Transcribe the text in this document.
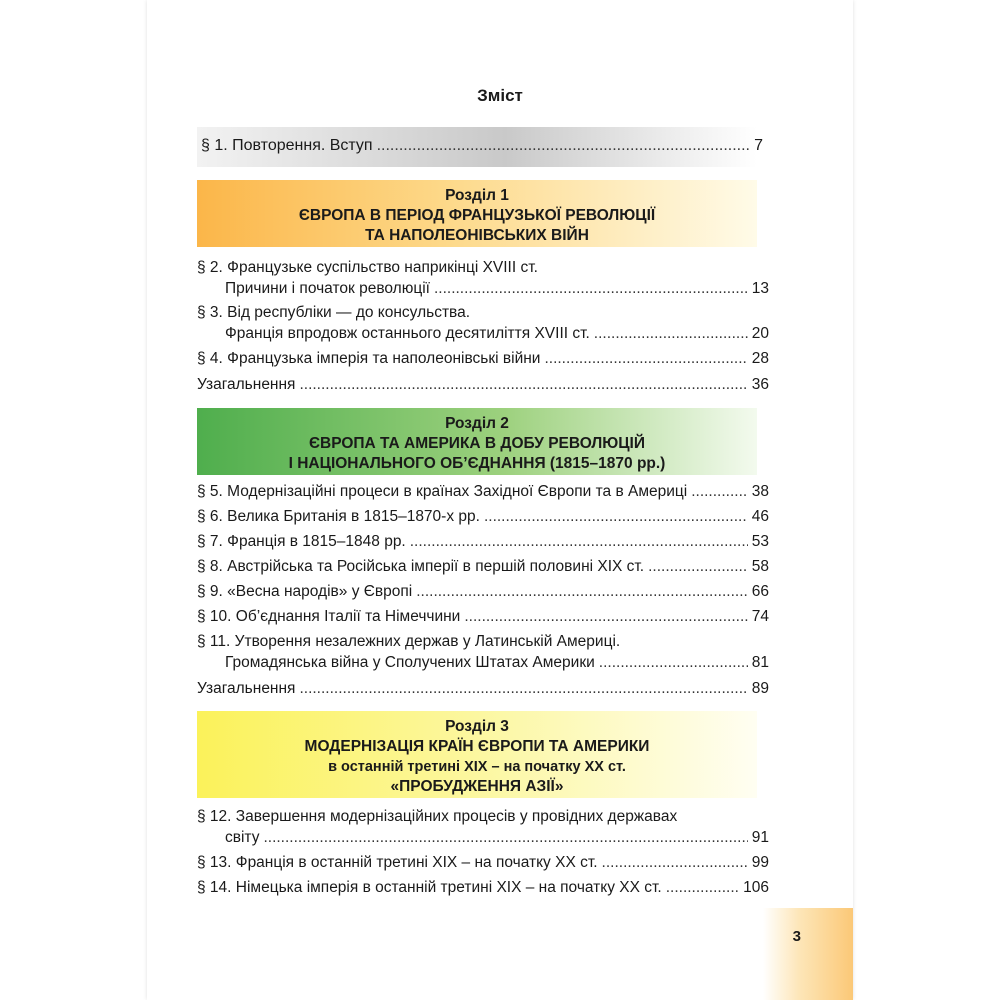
Зміст
§ 1. Повторення. Вступ .....	7
Розділ 1
ЄВРОПА В ПЕРІОД ФРАНЦУЗЬКОЇ РЕВОЛЮЦІЇ
ТА НАПОЛЕОНІВСЬКИХ ВІЙН
§ 2. Французьке суспільство наприкінці XVIII ст.
Причини і початок революції .....	13
§ 3. Від республіки — до консульства.
Франція впродовж останнього десятиліття XVIII ст. .....	20
§ 4. Французька імперія та наполеонівські війни .....	28
Узагальнення .....	36
Розділ 2
ЄВРОПА ТА АМЕРИКА В ДОБУ РЕВОЛЮЦІЙ
І НАЦІОНАЛЬНОГО ОБ’ЄДНАННЯ (1815–1870 рр.)
§ 5. Модернізаційні процеси в країнах Західної Європи та в Америці .....	38
§ 6. Велика Британія в 1815–1870-х рр. .....	46
§ 7. Франція в 1815–1848 рр. .....	53
§ 8. Австрійська та Російська імперії в першій половині XIX ст. .....	58
§ 9. «Весна народів» у Європі .....	66
§ 10. Об’єднання Італії та Німеччини .....	74
§ 11. Утворення незалежних держав у Латинській Америці.
Громадянська війна у Сполучених Штатах Америки .....	81
Узагальнення .....	89
Розділ 3
МОДЕРНІЗАЦІЯ КРАЇН ЄВРОПИ ТА АМЕРИКИ
в останній третині XIX – на початку XX ст.
«ПРОБУДЖЕННЯ АЗІЇ»
§ 12. Завершення модернізаційних процесів у провідних державах
світу .....	91
§ 13. Франція в останній третині XIX – на початку XX ст. .....	99
§ 14. Німецька імперія в останній третині XIX – на початку XX ст. .....	106
3
